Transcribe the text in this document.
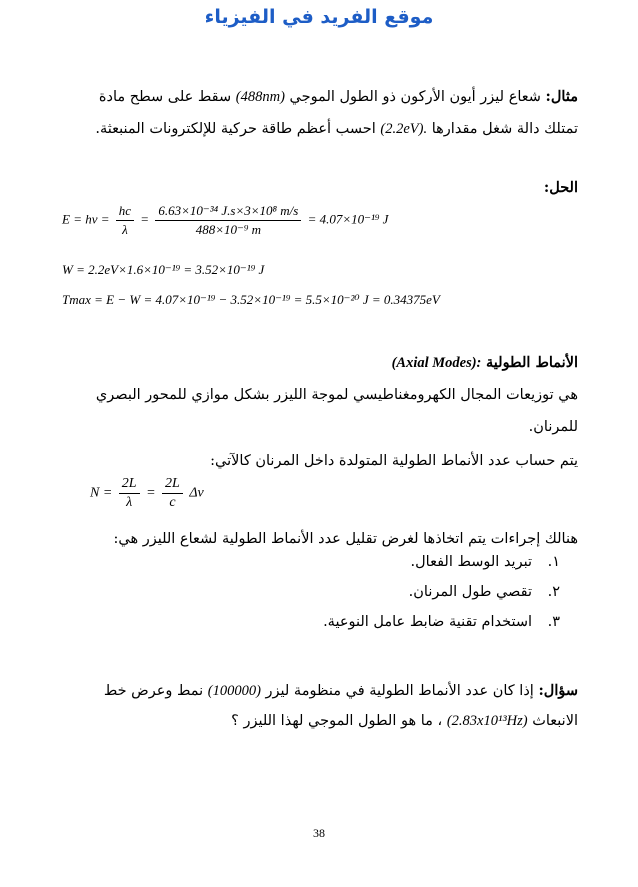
موقع الفريد في الفيزياء
مثال: شعاع ليزر أيون الأركون ذو الطول الموجي (488nm) سقط على سطح مادة
تمتلك دالة شغل مقدارها (2.2eV). احسب أعظم طاقة حركية للإلكترونات المنبعثة.
الحل:
$E = h\nu = \frac{hc}{\lambda} = \frac{\text{6.63×10⁻³⁴ J.s×3×10⁸ m/s}}{\text{488×10⁻⁹ m}} = 4.07\times 10^{-19}$ J
W = 2.2eV×1.6×10⁻¹⁹ = 3.52×10⁻¹⁹ J
Tmax = E − W = 4.07×10⁻¹⁹ − 3.52×10⁻¹⁹ = 5.5×10⁻²⁰ J = 0.34375eV
الأنماط الطولية (Axial Modes):
هي توزيعات المجال الكهرومغناطيسي لموجة الليزر بشكل موازي للمحور البصري
للمرنان.
يتم حساب عدد الأنماط الطولية المتولدة داخل المرنان كالآتي:
$N = \frac{2L}{\lambda} = \frac{2L}{c}$ Δν
هنالك إجراءات يتم اتخاذها لغرض تقليل عدد الأنماط الطولية لشعاع الليزر هي:
١.
تبريد الوسط الفعال.
٢.
تقصي طول المرنان.
٣.
استخدام تقنية ضابط عامل النوعية.
سؤال: إذا كان عدد الأنماط الطولية في منظومة ليزر (100000) نمط وعرض خط
الانبعاث (2.83x10¹³Hz) ، ما هو الطول الموجي لهذا الليزر ؟
38
